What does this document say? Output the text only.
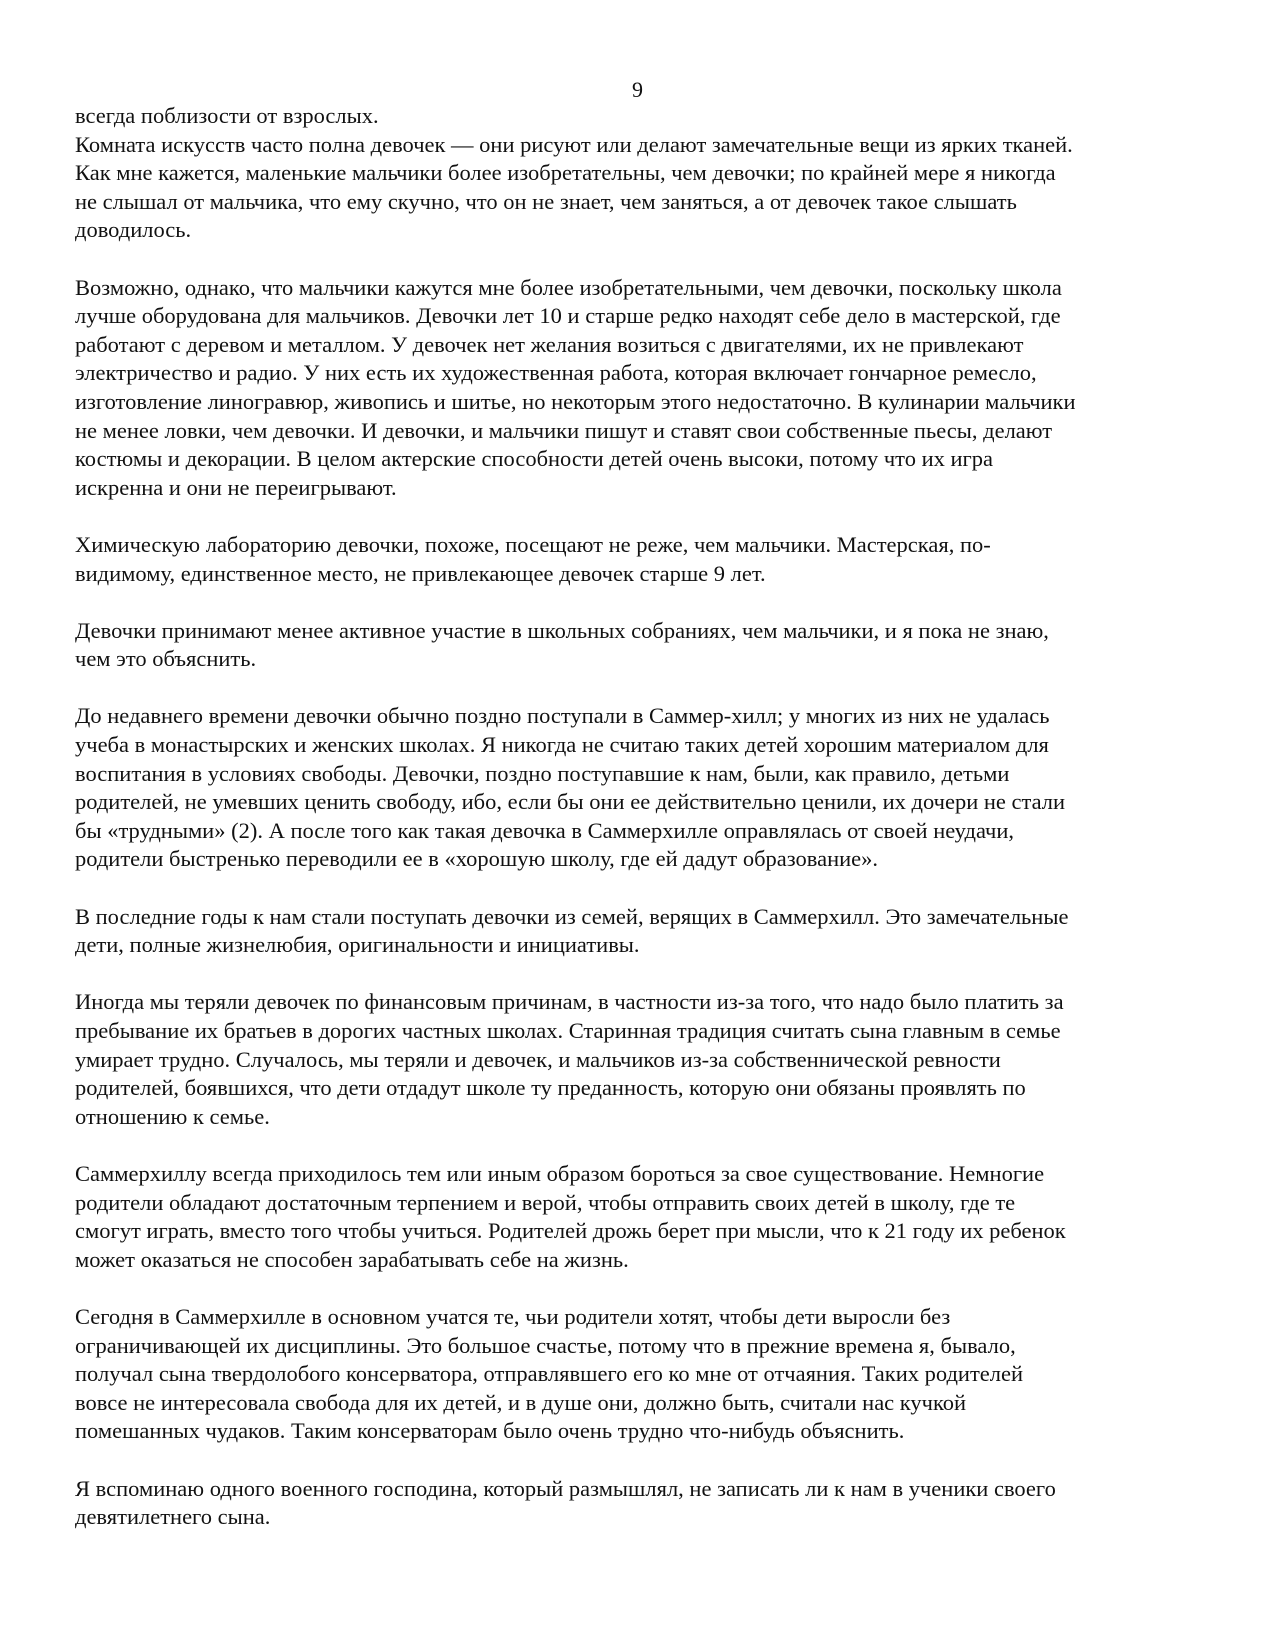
9
всегда поблизости от взрослых.
Комната искусств часто полна девочек — они рисуют или делают замечательные вещи из ярких тканей.
Как мне кажется, маленькие мальчики более изобретательны, чем девочки; по крайней мере я никогда
не слышал от мальчика, что ему скучно, что он не знает, чем заняться, а от девочек такое слышать
доводилось.
Возможно, однако, что мальчики кажутся мне более изобретательными, чем девочки, поскольку школа
лучше оборудована для мальчиков. Девочки лет 10 и старше редко находят себе дело в мастерской, где
работают с деревом и металлом. У девочек нет желания возиться с двигателями, их не привлекают
электричество и радио. У них есть их художественная работа, которая включает гончарное ремесло,
изготовление линогравюр, живопись и шитье, но некоторым этого недостаточно. В кулинарии мальчики
не менее ловки, чем девочки. И девочки, и мальчики пишут и ставят свои собственные пьесы, делают
костюмы и декорации. В целом актерские способности детей очень высоки, потому что их игра
искренна и они не переигрывают.
Химическую лабораторию девочки, похоже, посещают не реже, чем мальчики. Мастерская, по-
видимому, единственное место, не привлекающее девочек старше 9 лет.
Девочки принимают менее активное участие в школьных собраниях, чем мальчики, и я пока не знаю,
чем это объяснить.
До недавнего времени девочки обычно поздно поступали в Саммер-хилл; у многих из них не удалась
учеба в монастырских и женских школах. Я никогда не считаю таких детей хорошим материалом для
воспитания в условиях свободы. Девочки, поздно поступавшие к нам, были, как правило, детьми
родителей, не умевших ценить свободу, ибо, если бы они ее действительно ценили, их дочери не стали
бы «трудными» (2). А после того как такая девочка в Саммерхилле оправлялась от своей неудачи,
родители быстренько переводили ее в «хорошую школу, где ей дадут образование».
В последние годы к нам стали поступать девочки из семей, верящих в Саммерхилл. Это замечательные
дети, полные жизнелюбия, оригинальности и инициативы.
Иногда мы теряли девочек по финансовым причинам, в частности из-за того, что надо было платить за
пребывание их братьев в дорогих частных школах. Старинная традиция считать сына главным в семье
умирает трудно. Случалось, мы теряли и девочек, и мальчиков из-за собственнической ревности
родителей, боявшихся, что дети отдадут школе ту преданность, которую они обязаны проявлять по
отношению к семье.
Саммерхиллу всегда приходилось тем или иным образом бороться за свое существование. Немногие
родители обладают достаточным терпением и верой, чтобы отправить своих детей в школу, где те
смогут играть, вместо того чтобы учиться. Родителей дрожь берет при мысли, что к 21 году их ребенок
может оказаться не способен зарабатывать себе на жизнь.
Сегодня в Саммерхилле в основном учатся те, чьи родители хотят, чтобы дети выросли без
ограничивающей их дисциплины. Это большое счастье, потому что в прежние времена я, бывало,
получал сына твердолобого консерватора, отправлявшего его ко мне от отчаяния. Таких родителей
вовсе не интересовала свобода для их детей, и в душе они, должно быть, считали нас кучкой
помешанных чудаков. Таким консерваторам было очень трудно что-нибудь объяснить.
Я вспоминаю одного военного господина, который размышлял, не записать ли к нам в ученики своего
девятилетнего сына.
